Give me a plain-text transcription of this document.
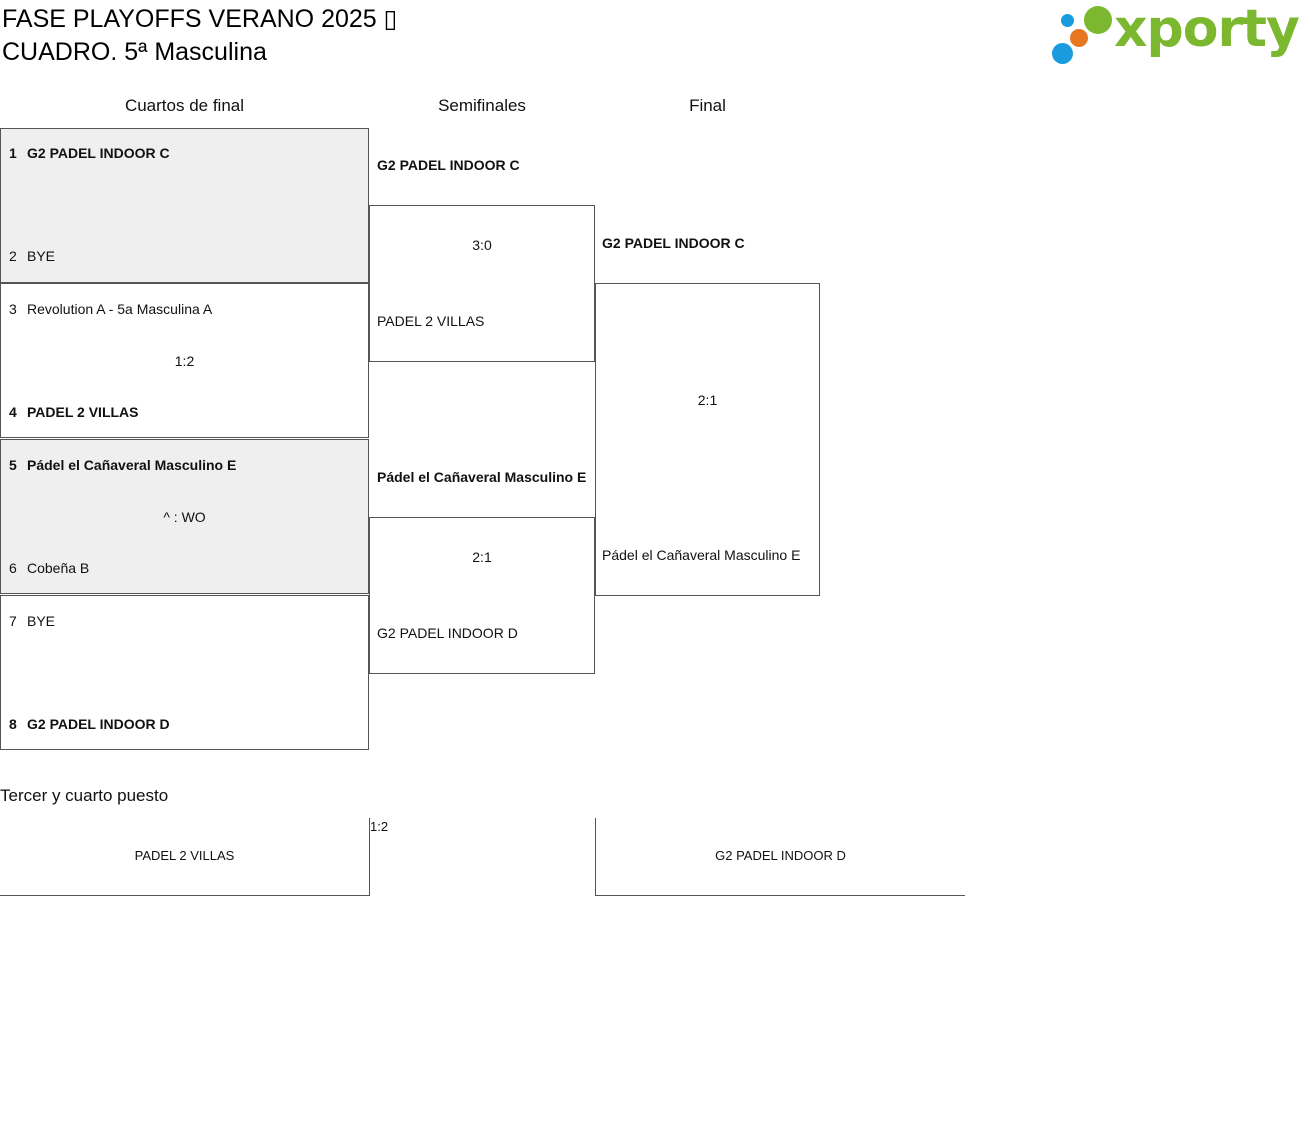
FASE PLAYOFFS VERANO 2025 ▯
CUADRO. 5ª Masculina	xporty
Cuartos de final	Semifinales	Final
1 G2 PADEL INDOOR C
2 BYE
3 Revolution A - 5a Masculina A
1:2
4 PADEL 2 VILLAS
5 Pádel el Cañaveral Masculino E
^ : WO
6 Cobeña B
7 BYE
8 G2 PADEL INDOOR D
G2 PADEL INDOOR C
3:0
PADEL 2 VILLAS
Pádel el Cañaveral Masculino E
2:1
G2 PADEL INDOOR D
G2 PADEL INDOOR C
2:1
Pádel el Cañaveral Masculino E
Tercer y cuarto puesto
PADEL 2 VILLAS
1:2
G2 PADEL INDOOR D
